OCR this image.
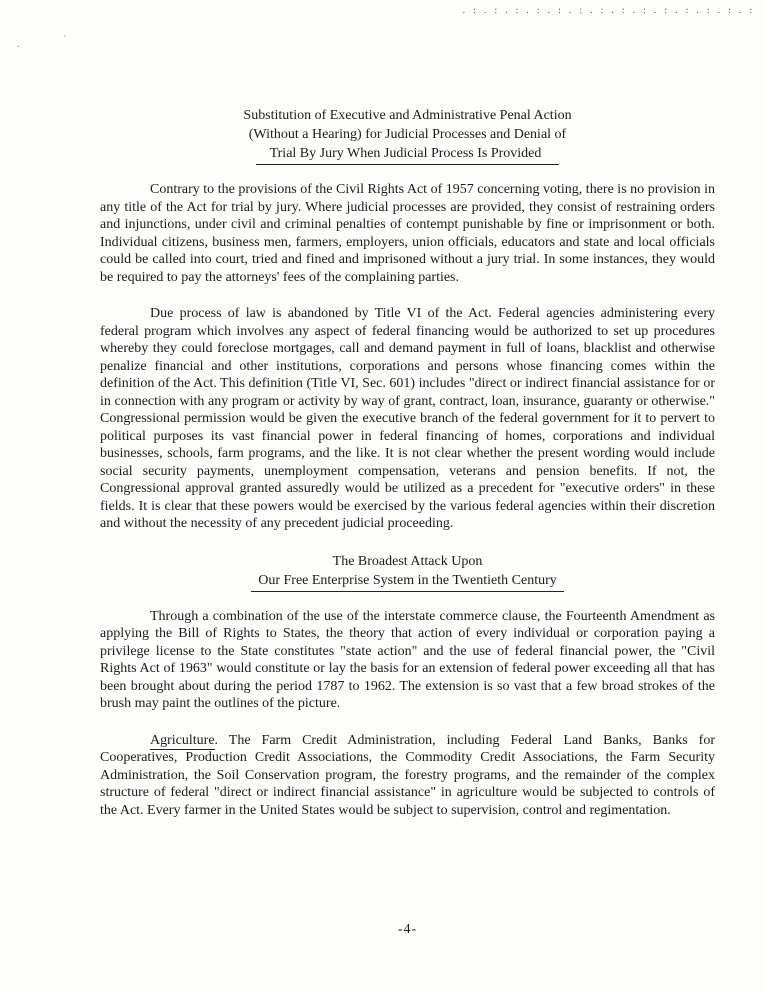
. : . : . : . : . : . : . : . : . : . : . : . : . : . :
.	ˋ
Substitution of Executive and Administrative Penal Action
(Without a Hearing) for Judicial Processes and Denial of
Trial By Jury When Judicial Process Is Provided

Contrary to the provisions of the Civil Rights Act of 1957 concerning voting, there is no provision in any title of the Act for trial by jury. Where judicial processes are provided, they consist of restraining orders and injunctions, under civil and criminal penalties of contempt punishable by fine or imprisonment or both. Individual citizens, business men, farmers, employers, union officials, educators and state and local officials could be called into court, tried and fined and imprisoned without a jury trial. In some instances, they would be required to pay the attorneys' fees of the complaining parties.

Due process of law is abandoned by Title VI of the Act. Federal agencies administering every federal program which involves any aspect of federal financing would be authorized to set up procedures whereby they could foreclose mortgages, call and demand payment in full of loans, blacklist and otherwise penalize financial and other institutions, corporations and persons whose financing comes within the definition of the Act. This definition (Title VI, Sec. 601) includes "direct or indirect financial assistance for or in connection with any program or activity by way of grant, contract, loan, insurance, guaranty or otherwise." Congressional permission would be given the executive branch of the federal government for it to pervert to political purposes its vast financial power in federal financing of homes, corporations and individual businesses, schools, farm programs, and the like. It is not clear whether the present wording would include social security payments, unemployment compensation, veterans and pension benefits. If not, the Congressional approval granted assuredly would be utilized as a precedent for "executive orders" in these fields. It is clear that these powers would be exercised by the various federal agencies within their discretion and without the necessity of any precedent judicial proceeding.

The Broadest Attack Upon
Our Free Enterprise System in the Twentieth Century

Through a combination of the use of the interstate commerce clause, the Fourteenth Amendment as applying the Bill of Rights to States, the theory that action of every individual or corporation paying a privilege license to the State constitutes "state action" and the use of federal financial power, the "Civil Rights Act of 1963" would constitute or lay the basis for an extension of federal power exceeding all that has been brought about during the period 1787 to 1962. The extension is so vast that a few broad strokes of the brush may paint the outlines of the picture.

Agriculture. The Farm Credit Administration, including Federal Land Banks, Banks for Cooperatives, Production Credit Associations, the Commodity Credit Associations, the Farm Security Administration, the Soil Conservation program, the forestry programs, and the remainder of the complex structure of federal "direct or indirect financial assistance" in agriculture would be subjected to controls of the Act. Every farmer in the United States would be subject to supervision, control and regimentation.

-4-
